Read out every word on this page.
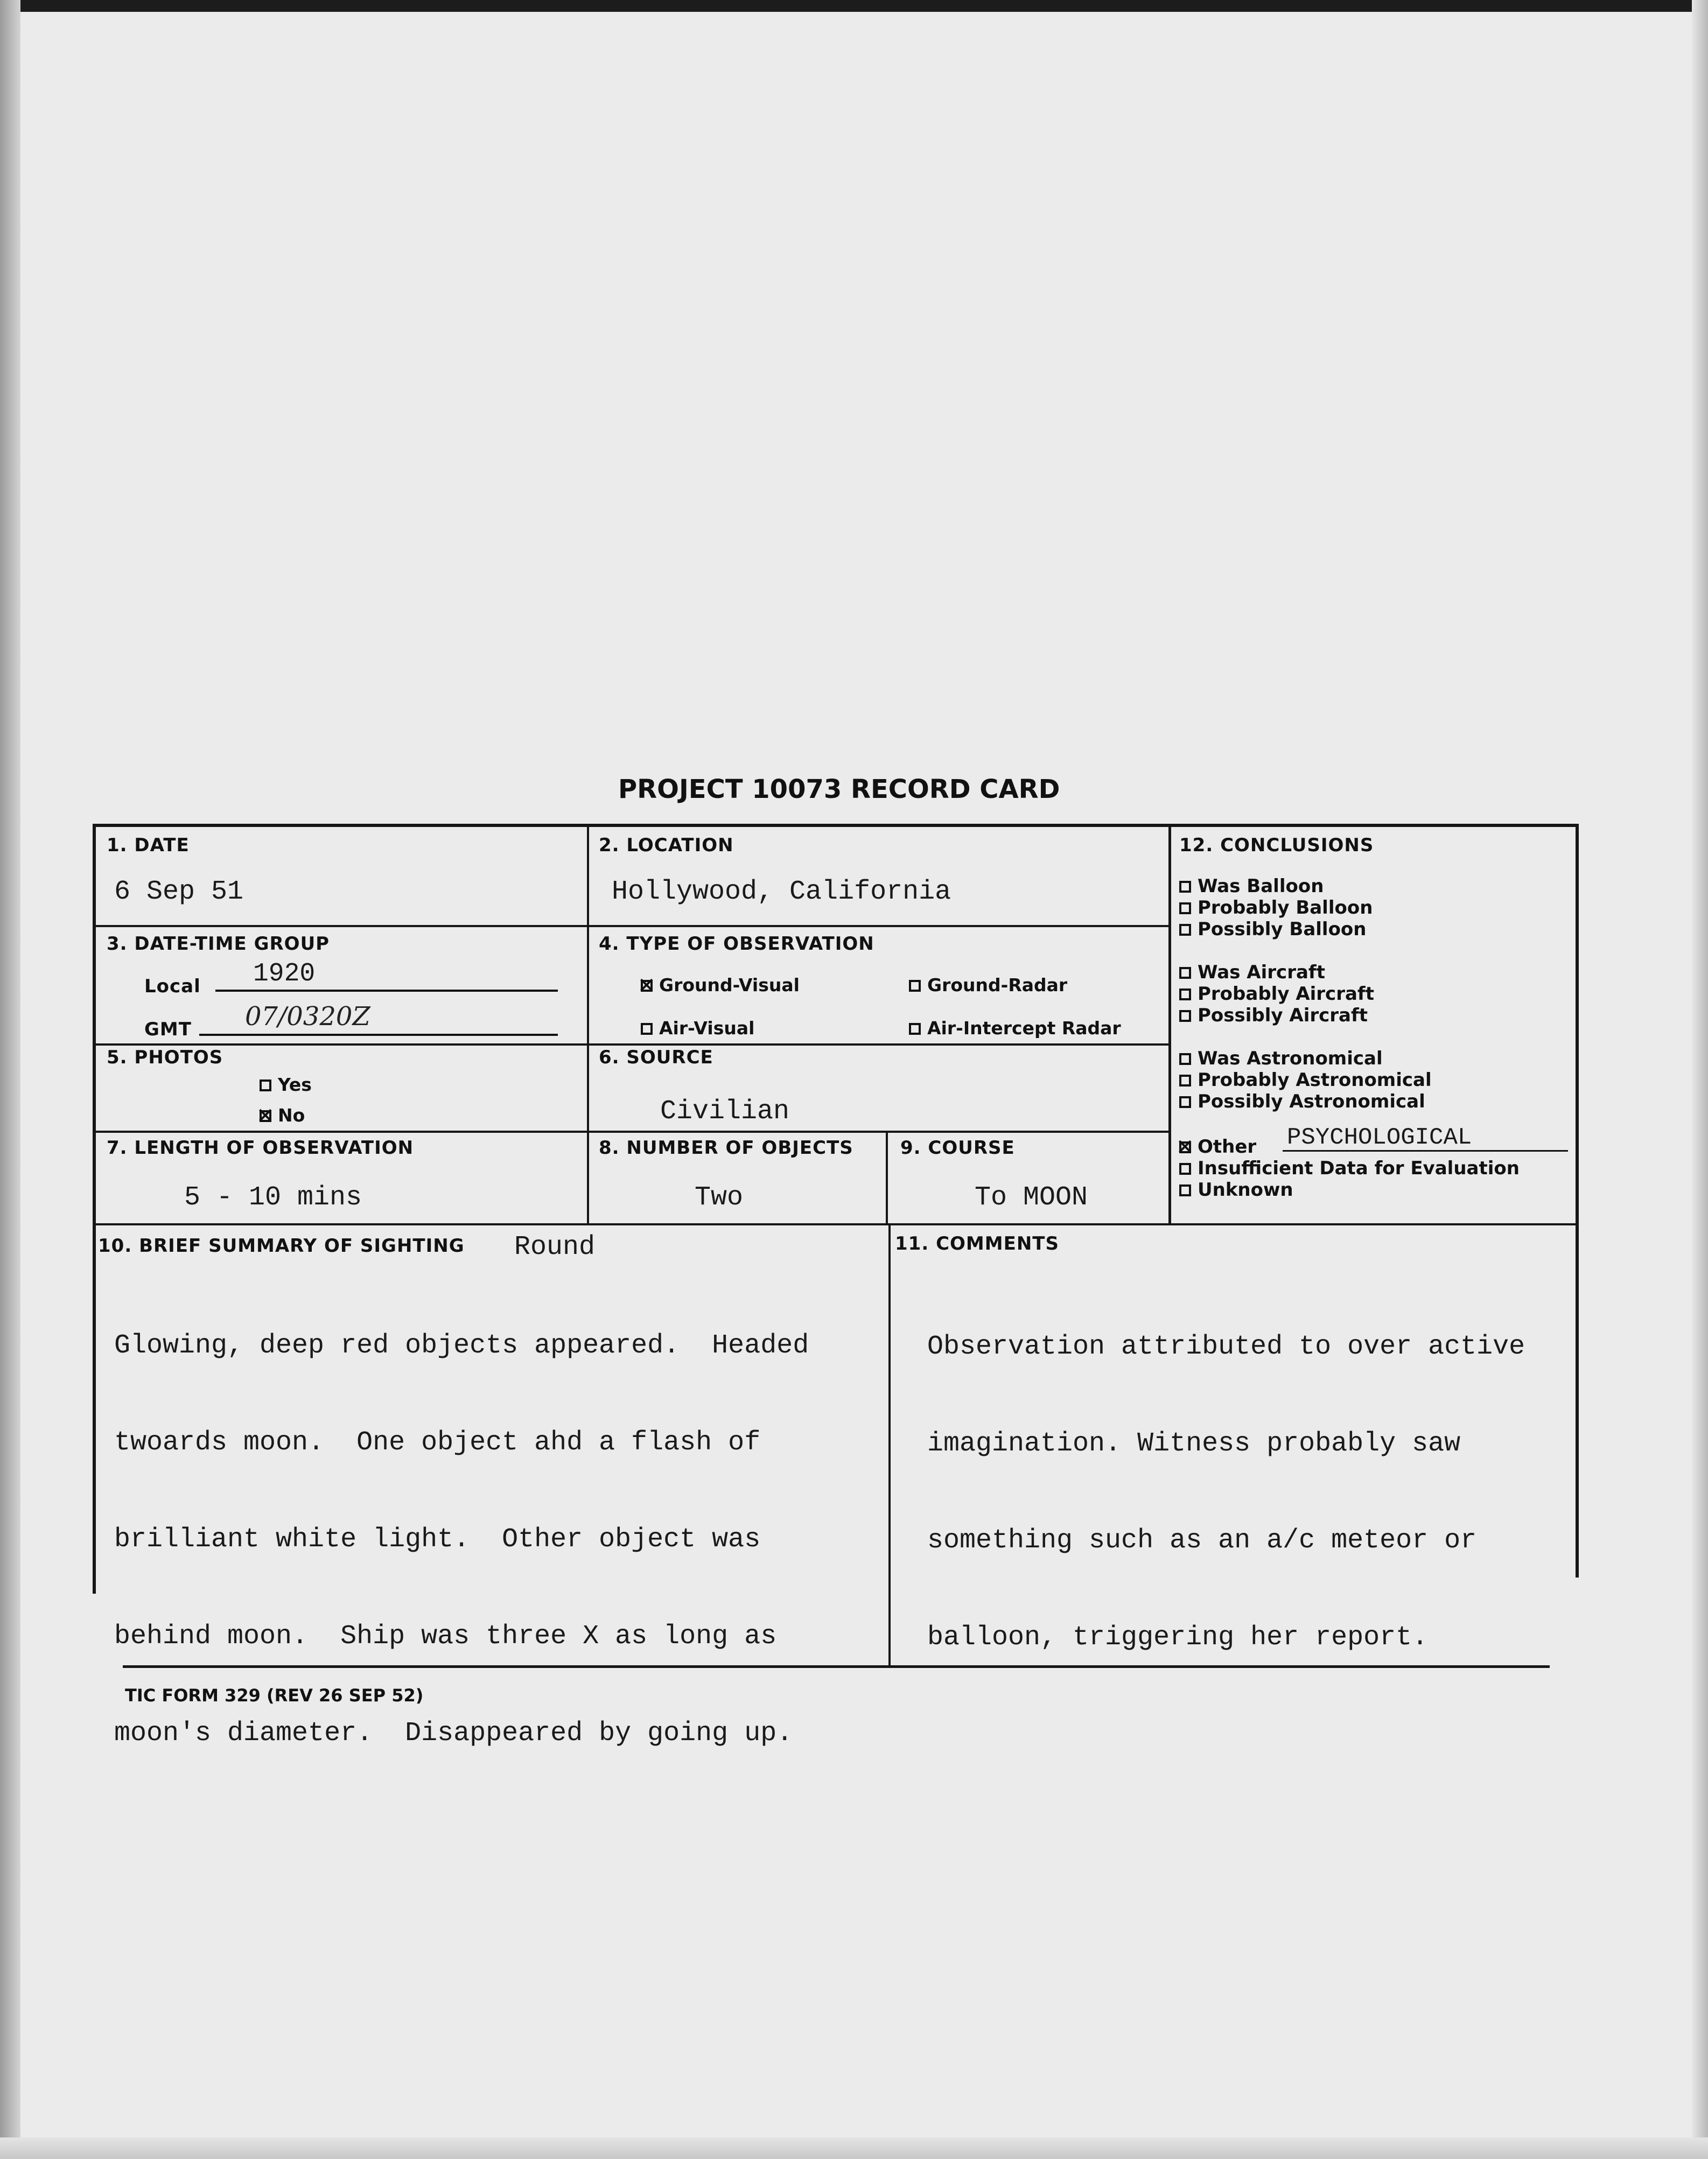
PROJECT 10073 RECORD CARD
1. DATE
6 Sep 51
2. LOCATION
Hollywood, California
3. DATE-TIME GROUP
Local 1920
GMT 07/0320Z
4. TYPE OF OBSERVATION
✕Ground-Visual	Ground-Radar
Air-Visual	Air-Intercept Radar
5. PHOTOS
Yes
✕No
6. SOURCE
Civilian
7. LENGTH OF OBSERVATION
5 - 10 mins
8. NUMBER OF OBJECTS
Two
9. COURSE
To MOON
12. CONCLUSIONS
Was Balloon
Probably Balloon
Possibly Balloon
Was Aircraft
Probably Aircraft
Possibly Aircraft
Was Astronomical
Probably Astronomical
Possibly Astronomical
✕Other PSYCHOLOGICAL
Insufficient Data for Evaluation
Unknown
10. BRIEF SUMMARY OF SIGHTING Round

Glowing, deep red objects appeared.  Headed

twoards moon.  One object ahd a flash of

brilliant white light.  Other object was

behind moon.  Ship was three X as long as

moon's diameter.  Disappeared by going up.

11. COMMENTS

Observation attributed to over active

imagination. Witness probably saw

something such as an a/c meteor or

balloon, triggering her report.

TIC FORM 329 (REV 26 SEP 52)
